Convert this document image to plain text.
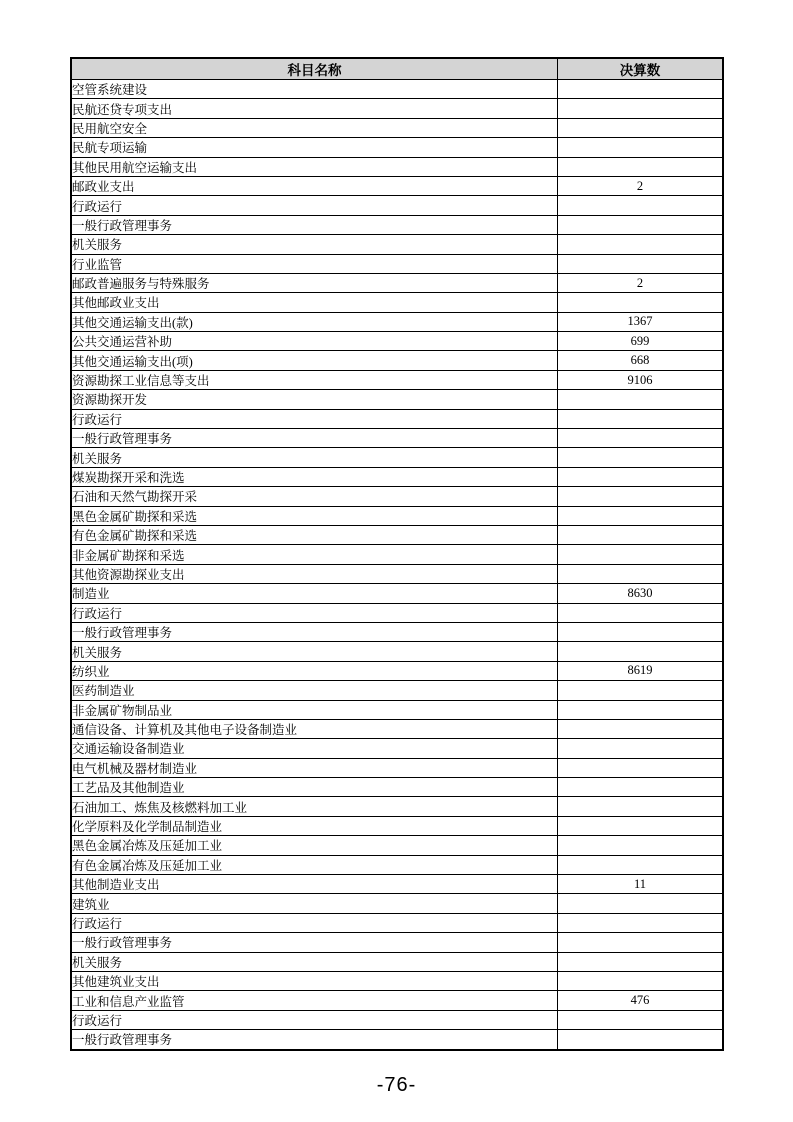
科目名称	决算数
空管系统建设	
民航还贷专项支出	
民用航空安全	
民航专项运输	
其他民用航空运输支出	
邮政业支出	2
行政运行	
一般行政管理事务	
机关服务	
行业监管	
邮政普遍服务与特殊服务	2
其他邮政业支出	
其他交通运输支出(款)	1367
公共交通运营补助	699
其他交通运输支出(项)	668
资源勘探工业信息等支出	9106
资源勘探开发	
行政运行	
一般行政管理事务	
机关服务	
煤炭勘探开采和洗选	
石油和天然气勘探开采	
黑色金属矿勘探和采选	
有色金属矿勘探和采选	
非金属矿勘探和采选	
其他资源勘探业支出	
制造业	8630
行政运行	
一般行政管理事务	
机关服务	
纺织业	8619
医药制造业	
非金属矿物制品业	
通信设备、计算机及其他电子设备制造业	
交通运输设备制造业	
电气机械及器材制造业	
工艺品及其他制造业	
石油加工、炼焦及核燃料加工业	
化学原料及化学制品制造业	
黑色金属冶炼及压延加工业	
有色金属冶炼及压延加工业	
其他制造业支出	11
建筑业	
行政运行	
一般行政管理事务	
机关服务	
其他建筑业支出	
工业和信息产业监管	476
行政运行	
一般行政管理事务	
-76-
